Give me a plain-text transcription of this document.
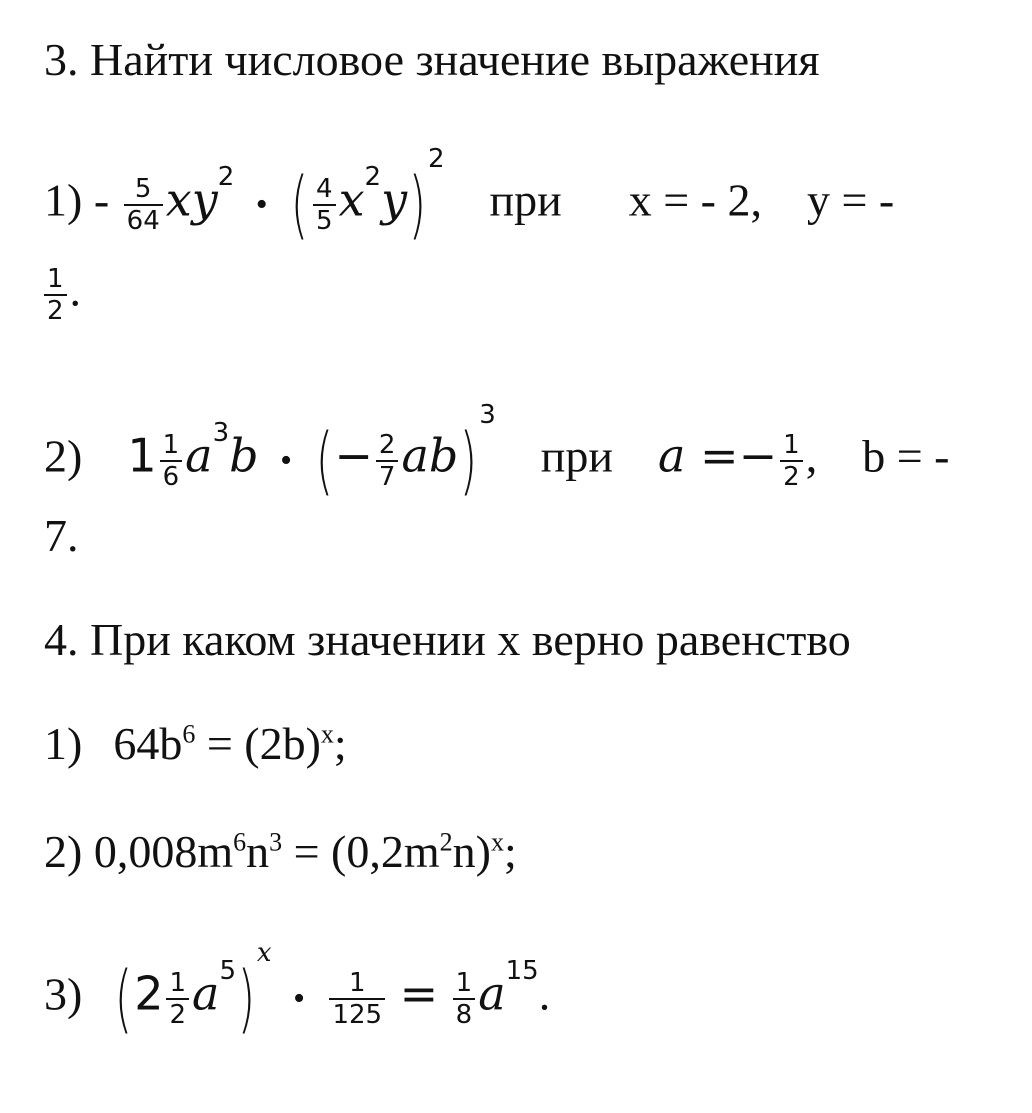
3. Найти числовое значение выражения
$1) - \frac{5}{64} xy2$ • ( $\frac{4}{5} x2y)2$  при x = - 2, y = -
$\frac{1}{2}$ .
2) $1 \frac{1}{6} a3b$ • (− $\frac{2}{7} ab)3$  при $a =- \frac{1}{2}$ , b = -
7.
4. При каком значении x верно равенство
1) $64b^6 = (2b)^x$;
2) $0,008m^6n^3 = (0,2m^2n)^x$;
3) $(2 \frac{1}{2} a5)x$ • $\frac{1}{125} = \frac{1}{8} a15$.
